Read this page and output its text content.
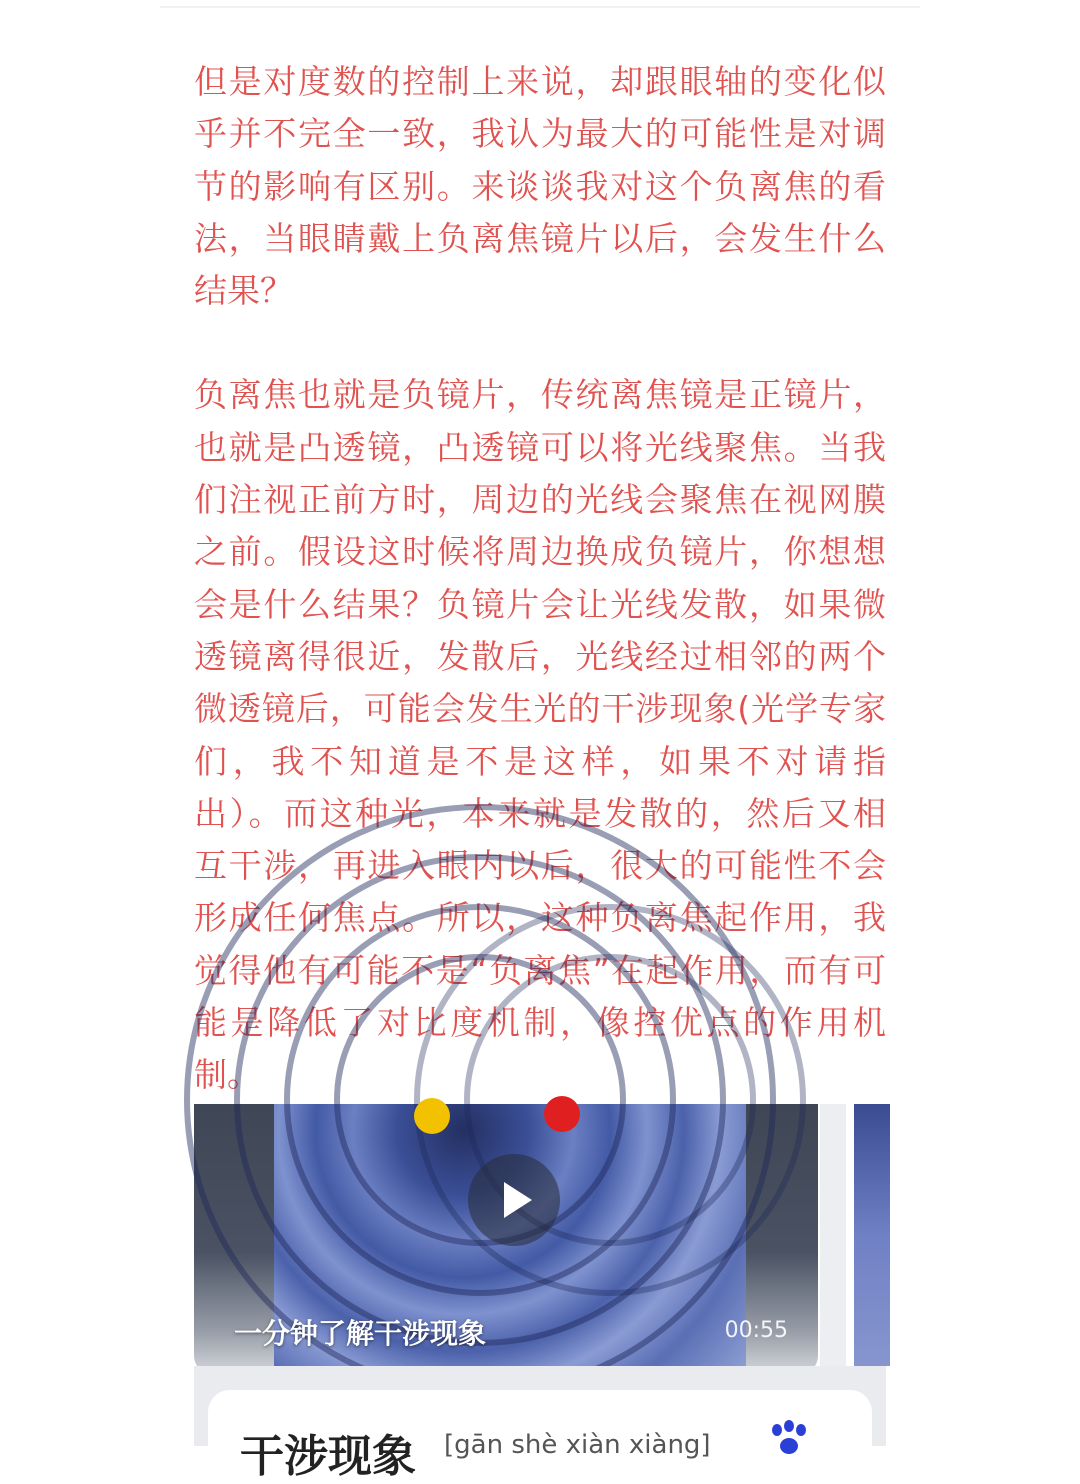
但是对度数的控制上来说，却跟眼轴的变化似
乎并不完全一致，我认为最大的可能性是对调
节的影响有区别。来谈谈我对这个负离焦的看
法，当眼睛戴上负离焦镜片以后，会发生什么
结果？

负离焦也就是负镜片，传统离焦镜是正镜片，
也就是凸透镜，凸透镜可以将光线聚焦。当我
们注视正前方时，周边的光线会聚焦在视网膜
之前。假设这时候将周边换成负镜片，你想想
会是什么结果？负镜片会让光线发散，如果微
透镜离得很近，发散后，光线经过相邻的两个
微透镜后，可能会发生光的干涉现象(光学专家
们，我不知道是不是这样，如果不对请指
出）。而这种光，本来就是发散的，然后又相
互干涉，再进入眼内以后，很大的可能性不会
形成任何焦点。所以，这种负离焦起作用，我
觉得他有可能不是“负离焦”在起作用，而有可
能是降低了对比度机制，像控优点的作用机
制。

一分钟了解干涉现象	00:55
干涉现象 [gān shè xiàn xiàng]
